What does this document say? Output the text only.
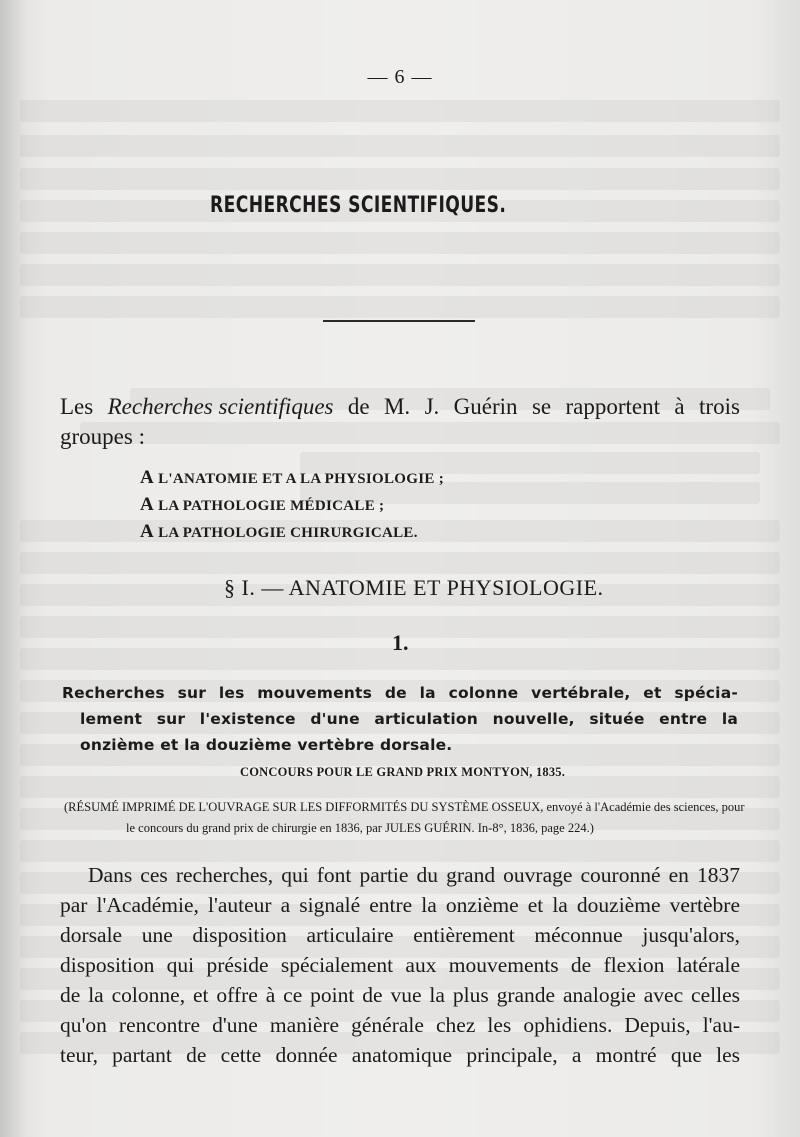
— 6 —
RECHERCHES SCIENTIFIQUES.
Les Recherches scientifiques de M. J. Guérin se rapportent à trois
groupes :
A L'ANATOMIE ET A LA PHYSIOLOGIE ;
A LA PATHOLOGIE MÉDICALE ;
A LA PATHOLOGIE CHIRURGICALE.
§ I. — ANATOMIE ET PHYSIOLOGIE.
1.
Recherches sur les mouvements de la colonne vertébrale, et spécia-
lement sur l'existence d'une articulation nouvelle, située entre la
onzième et la douzième vertèbre dorsale.
CONCOURS POUR LE GRAND PRIX MONTYON, 1835.
(RÉSUMÉ IMPRIMÉ DE L'OUVRAGE SUR LES DIFFORMITÉS DU SYSTÈME OSSEUX, envoyé à l'Académie des sciences, pour
le concours du grand prix de chirurgie en 1836, par JULES GUÉRIN. In-8°, 1836, page 224.)
Dans ces recherches, qui font partie du grand ouvrage couronné en 1837
par l'Académie, l'auteur a signalé entre la onzième et la douzième vertèbre
dorsale une disposition articulaire entièrement méconnue jusqu'alors,
disposition qui préside spécialement aux mouvements de flexion latérale
de la colonne, et offre à ce point de vue la plus grande analogie avec celles
qu'on rencontre d'une manière générale chez les ophidiens. Depuis, l'au-
teur, partant de cette donnée anatomique principale, a montré que les
